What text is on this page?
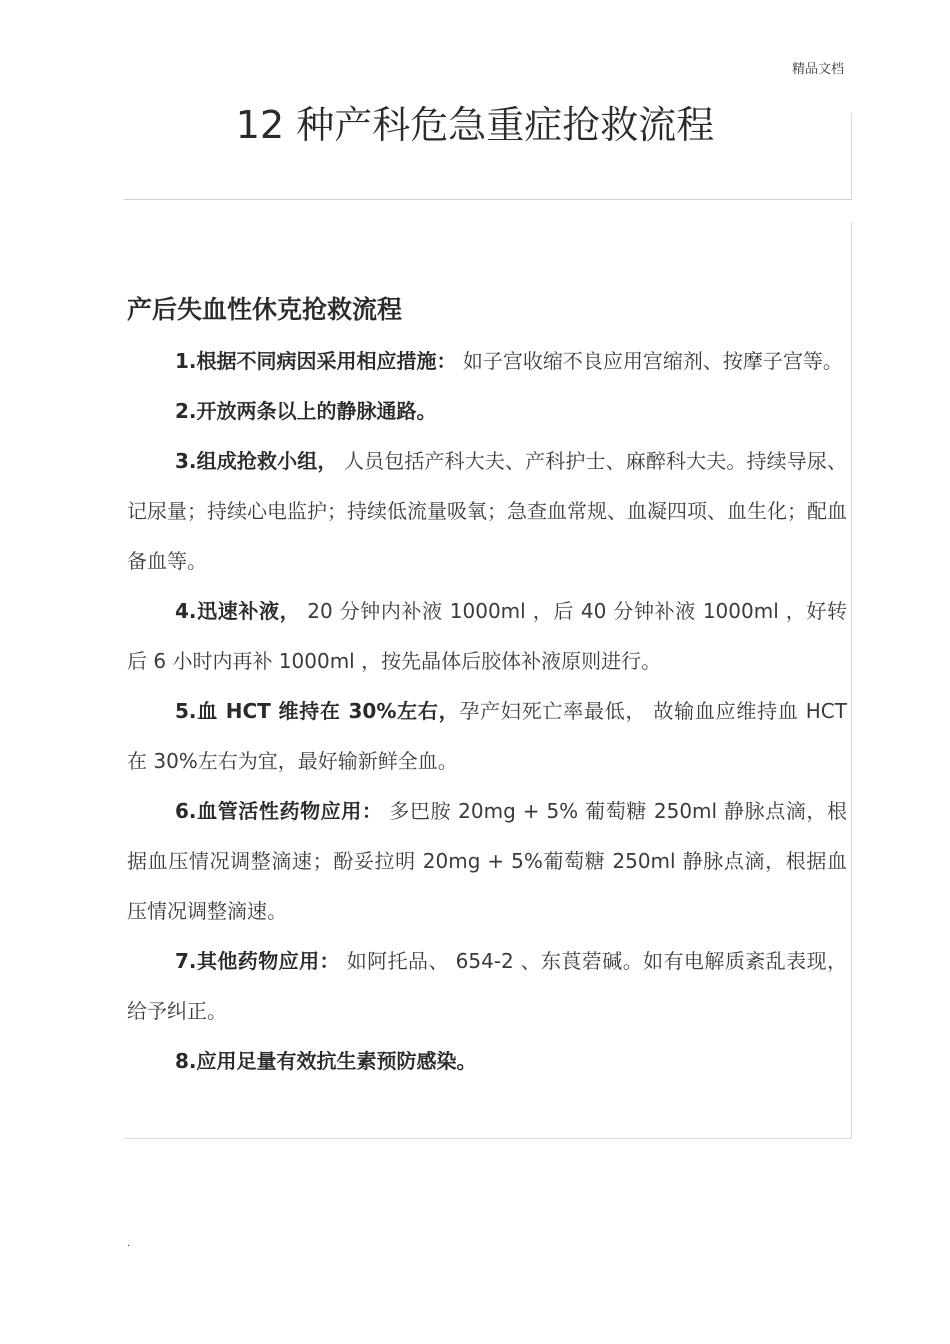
精品文档
12 种产科危急重症抢救流程
产后失血性休克抢救流程

1.根据不同病因采用相应措施： 如子宫收缩不良应用宫缩剂、按摩子宫等。

2.开放两条以上的静脉通路。

3.组成抢救小组， 人员包括产科大夫、产科护士、麻醉科大夫。持续导尿、记尿量；持续心电监护；持续低流量吸氧；急查血常规、血凝四项、血生化；配血备血等。

4.迅速补液， 20 分钟内补液 1000ml ，后 40 分钟补液 1000ml ，好转后 6 小时内再补 1000ml ，按先晶体后胶体补液原则进行。

5.血 HCT 维持在 30%左右，孕产妇死亡率最低， 故输血应维持血 HCT 在 30%左右为宜，最好输新鲜全血。

6.血管活性药物应用： 多巴胺 20mg + 5% 葡萄糖 250ml 静脉点滴，根据血压情况调整滴速；酚妥拉明 20mg + 5%葡萄糖 250ml 静脉点滴，根据血压情况调整滴速。

7.其他药物应用： 如阿托品、 654-2 、东莨菪碱。如有电解质紊乱表现，给予纠正。

8.应用足量有效抗生素预防感染。

.
